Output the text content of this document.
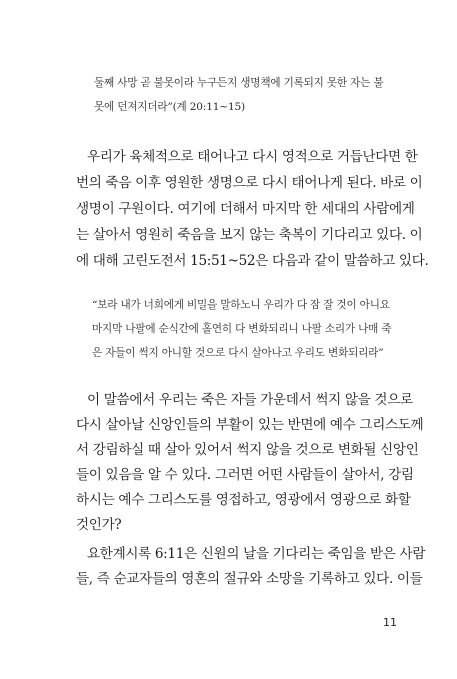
둘째 사망 곧 불못이라 누구든지 생명책에 기록되지 못한 자는 불

못에 던져지더라”(계 20:11~15)

우리가 육체적으로 태어나고 다시 영적으로 거듭난다면 한

번의 죽음 이후 영원한 생명으로 다시 태어나게 된다. 바로 이

생명이 구원이다. 여기에 더해서 마지막 한 세대의 사람에게

는 살아서 영원히 죽음을 보지 않는 축복이 기다리고 있다. 이

에 대해 고린도전서 15:51~52은 다음과 같이 말씀하고 있다.

“보라 내가 너희에게 비밀을 말하노니 우리가 다 잠 잘 것이 아니요

마지막 나팔에 순식간에 홀연히 다 변화되리니 나팔 소리가 나매 죽

은 자들이 썩지 아니할 것으로 다시 살아나고 우리도 변화되리라”

이 말씀에서 우리는 죽은 자들 가운데서 썩지 않을 것으로

다시 살아날 신앙인들의 부활이 있는 반면에 예수 그리스도께

서 강림하실 때 살아 있어서 썩지 않을 것으로 변화될 신앙인

들이 있음을 알 수 있다. 그러면 어떤 사람들이 살아서, 강림

하시는 예수 그리스도를 영접하고, 영광에서 영광으로 화할

것인가?

요한계시록 6:11은 신원의 날을 기다리는 죽임을 받은 사람

들, 즉 순교자들의 영혼의 절규와 소망을 기록하고 있다. 이들

11
